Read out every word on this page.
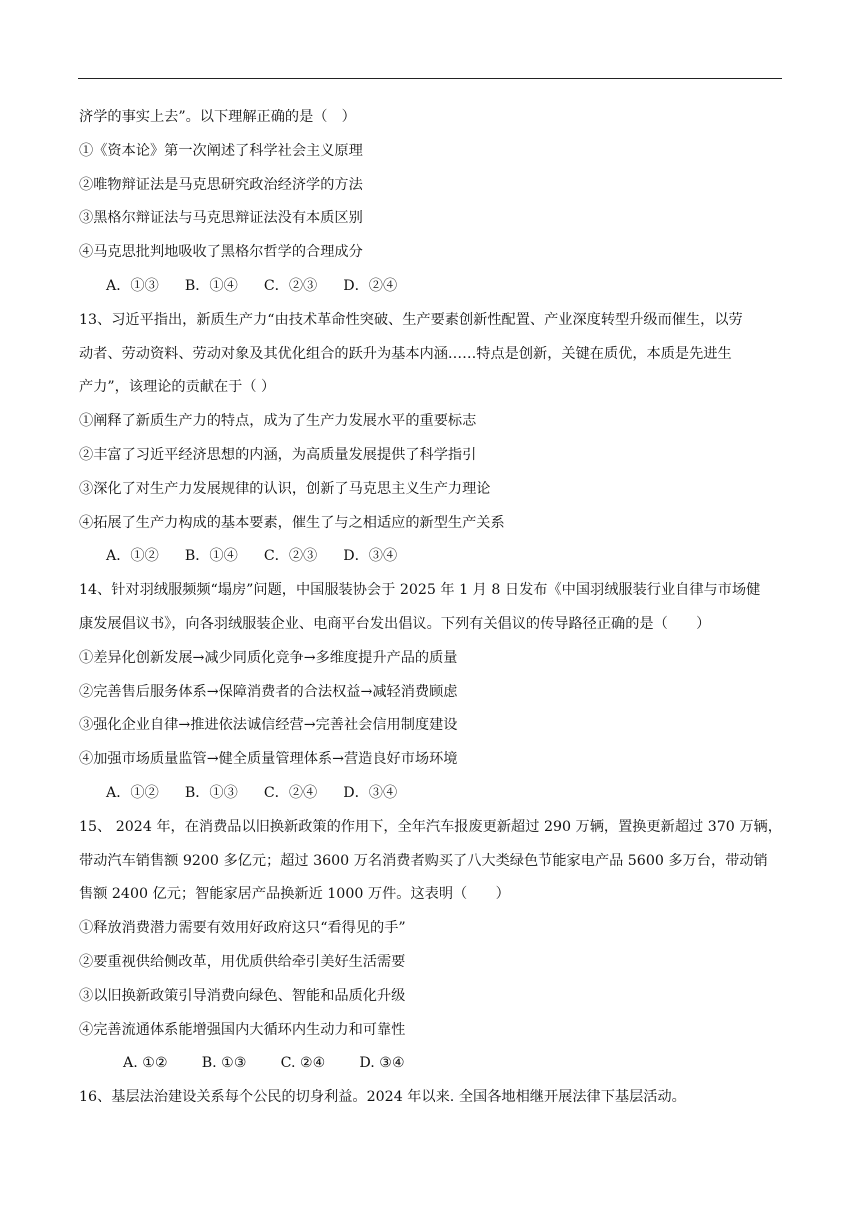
济学的事实上去”。以下理解正确的是（　）

①《资本论》第一次阐述了科学社会主义原理

②唯物辩证法是马克思研究政治经济学的方法

③黑格尔辩证法与马克思辩证法没有本质区别

④马克思批判地吸收了黑格尔哲学的合理成分

A．①③ B．①④ C．②③ D．②④

13、习近平指出，新质生产力“由技术革命性突破、生产要素创新性配置、产业深度转型升级而催生，以劳

动者、劳动资料、劳动对象及其优化组合的跃升为基本内涵……特点是创新，关键在质优，本质是先进生

产力”，该理论的贡献在于（ ）

①阐释了新质生产力的特点，成为了生产力发展水平的重要标志

②丰富了习近平经济思想的内涵，为高质量发展提供了科学指引

③深化了对生产力发展规律的认识，创新了马克思主义生产力理论

④拓展了生产力构成的基本要素，催生了与之相适应的新型生产关系

A．①② B．①④ C．②③ D．③④

14、针对羽绒服频频“塌房”问题，中国服装协会于 2025 年 1 月 8 日发布《中国羽绒服装行业自律与市场健

康发展倡议书》，向各羽绒服装企业、电商平台发出倡议。下列有关倡议的传导路径正确的是（　　）

①差异化创新发展→减少同质化竞争→多维度提升产品的质量

②完善售后服务体系→保障消费者的合法权益→减轻消费顾虑

③强化企业自律→推进依法诚信经营→完善社会信用制度建设

④加强市场质量监管→健全质量管理体系→营造良好市场环境

A．①② B．①③ C．②④ D．③④

15、 2024 年，在消费品以旧换新政策的作用下，全年汽车报废更新超过 290 万辆，置换更新超过 370 万辆，

带动汽车销售额 9200 多亿元；超过 3600 万名消费者购买了八大类绿色节能家电产品 5600 多万台，带动销

售额 2400 亿元；智能家居产品换新近 1000 万件。这表明（　　）

①释放消费潜力需要有效用好政府这只“看得见的手”

②要重视供给侧改革，用优质供给牵引美好生活需要

③以旧换新政策引导消费向绿色、智能和品质化升级

④完善流通体系能增强国内大循环内生动力和可靠性

A. ①② B. ①③ C. ②④ D. ③④

16、基层法治建设关系每个公民的切身利益。2024 年以来. 全国各地相继开展法律下基层活动。
